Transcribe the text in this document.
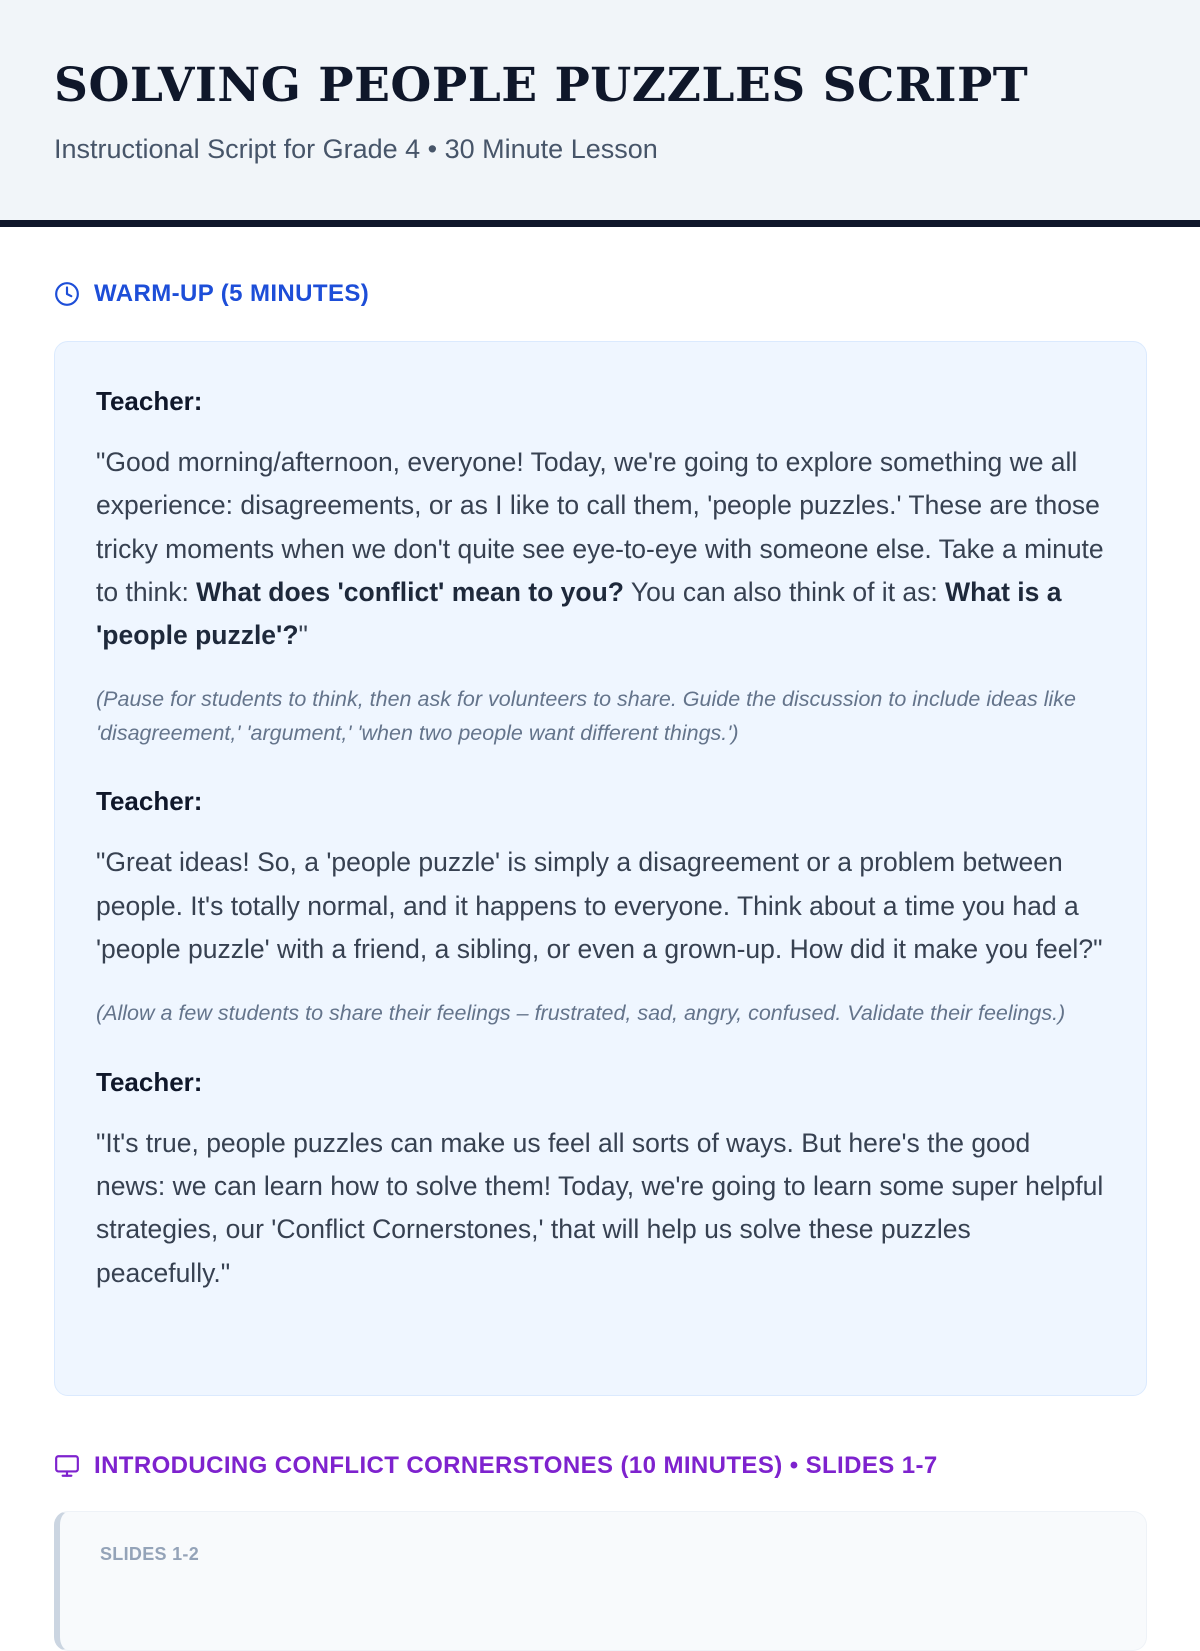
SOLVING PEOPLE PUZZLES SCRIPT
Instructional Script for Grade 4 • 30 Minute Lesson
WARM-UP (5 MINUTES)
Teacher:

"Good morning/afternoon, everyone! Today, we're going to explore something we all experience: disagreements, or as I like to call them, 'people puzzles.' These are those tricky moments when we don't quite see eye-to-eye with someone else. Take a minute to think: What does 'conflict' mean to you? You can also think of it as: What is a 'people puzzle'?"

(Pause for students to think, then ask for volunteers to share. Guide the discussion to include ideas like 'disagreement,' 'argument,' 'when two people want different things.')

Teacher:

"Great ideas! So, a 'people puzzle' is simply a disagreement or a problem between people. It's totally normal, and it happens to everyone. Think about a time you had a 'people puzzle' with a friend, a sibling, or even a grown-up. How did it make you feel?"

(Allow a few students to share their feelings – frustrated, sad, angry, confused. Validate their feelings.)

Teacher:

"It's true, people puzzles can make us feel all sorts of ways. But here's the good news: we can learn how to solve them! Today, we're going to learn some super helpful strategies, our 'Conflict Cornerstones,' that will help us solve these puzzles peacefully."

INTRODUCING CONFLICT CORNERSTONES (10 MINUTES) • SLIDES 1-7
SLIDES 1-2
